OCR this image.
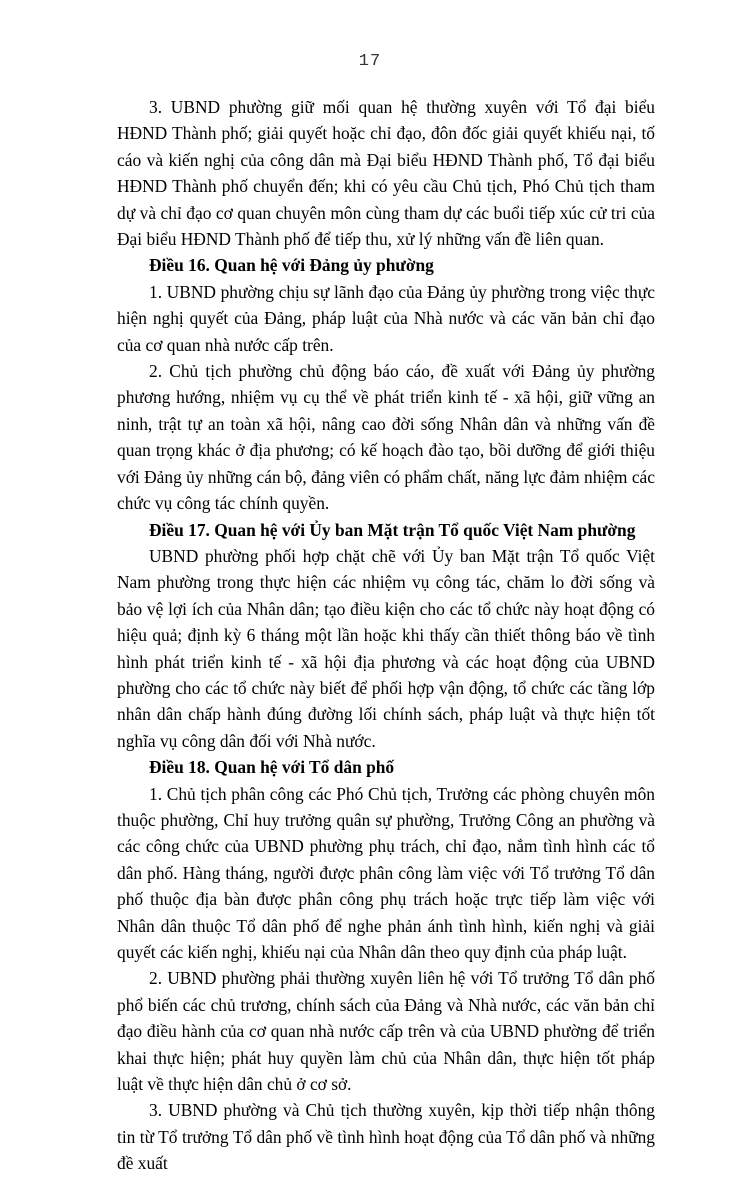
17

3. UBND phường giữ mối quan hệ thường xuyên với Tổ đại biểu HĐND Thành phố; giải quyết hoặc chỉ đạo, đôn đốc giải quyết khiếu nại, tố cáo và kiến nghị của công dân mà Đại biểu HĐND Thành phố, Tổ đại biểu HĐND Thành phố chuyển đến; khi có yêu cầu Chủ tịch, Phó Chủ tịch tham dự và chỉ đạo cơ quan chuyên môn cùng tham dự các buổi tiếp xúc cử tri của Đại biểu HĐND Thành phố để tiếp thu, xử lý những vấn đề liên quan.

Điều 16. Quan hệ với Đảng ủy phường

1. UBND phường chịu sự lãnh đạo của Đảng ủy phường trong việc thực hiện nghị quyết của Đảng, pháp luật của Nhà nước và các văn bản chỉ đạo của cơ quan nhà nước cấp trên.

2. Chủ tịch phường chủ động báo cáo, đề xuất với Đảng ủy phường phương hướng, nhiệm vụ cụ thể về phát triển kinh tế - xã hội, giữ vững an ninh, trật tự an toàn xã hội, nâng cao đời sống Nhân dân và những vấn đề quan trọng khác ở địa phương; có kế hoạch đào tạo, bồi dưỡng để giới thiệu với Đảng ủy những cán bộ, đảng viên có phẩm chất, năng lực đảm nhiệm các chức vụ công tác chính quyền.

Điều 17. Quan hệ với Ủy ban Mặt trận Tổ quốc Việt Nam phường

UBND phường phối hợp chặt chẽ với Ủy ban Mặt trận Tổ quốc Việt Nam phường trong thực hiện các nhiệm vụ công tác, chăm lo đời sống và bảo vệ lợi ích của Nhân dân; tạo điều kiện cho các tổ chức này hoạt động có hiệu quả; định kỳ 6 tháng một lần hoặc khi thấy cần thiết thông báo về tình hình phát triển kinh tế - xã hội địa phương và các hoạt động của UBND phường cho các tổ chức này biết để phối hợp vận động, tổ chức các tầng lớp nhân dân chấp hành đúng đường lối chính sách, pháp luật và thực hiện tốt nghĩa vụ công dân đối với Nhà nước.

Điều 18. Quan hệ với Tổ dân phố

1. Chủ tịch phân công các Phó Chủ tịch, Trưởng các phòng chuyên môn thuộc phường, Chỉ huy trưởng quân sự phường, Trưởng Công an phường và các công chức của UBND phường phụ trách, chỉ đạo, nắm tình hình các tổ dân phố. Hàng tháng, người được phân công làm việc với Tổ trưởng Tổ dân phố thuộc địa bàn được phân công phụ trách hoặc trực tiếp làm việc với Nhân dân thuộc Tổ dân phố để nghe phản ánh tình hình, kiến nghị và giải quyết các kiến nghị, khiếu nại của Nhân dân theo quy định của pháp luật.

2. UBND phường phải thường xuyên liên hệ với Tổ trưởng Tổ dân phố phổ biến các chủ trương, chính sách của Đảng và Nhà nước, các văn bản chỉ đạo điều hành của cơ quan nhà nước cấp trên và của UBND phường để triển khai thực hiện; phát huy quyền làm chủ của Nhân dân, thực hiện tốt pháp luật về thực hiện dân chủ ở cơ sở.

3. UBND phường và Chủ tịch thường xuyên, kịp thời tiếp nhận thông tin từ Tổ trưởng Tổ dân phố về tình hình hoạt động của Tổ dân phố và những đề xuất
